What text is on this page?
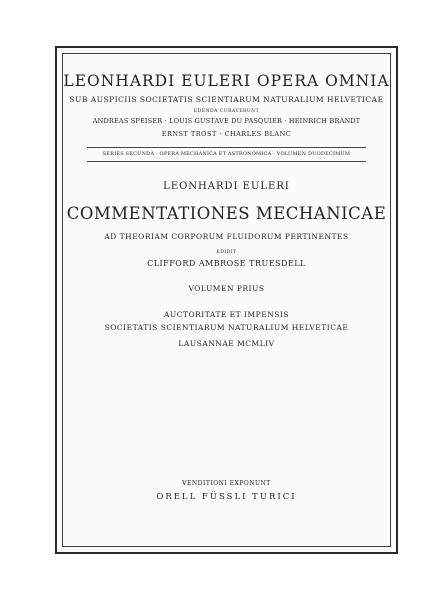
LEONHARDI EULERI OPERA OMNIA
SUB AUSPICIIS SOCIETATIS SCIENTIARUM NATURALIUM HELVETICAE
EDENDA CURAVERUNT
ANDREAS SPEISER · LOUIS GUSTAVE DU PASQUIER · HEINRICH BRANDT
ERNST TROST · CHARLES BLANC
SERIES SECUNDA · OPERA MECHANICA ET ASTRONOMICA · VOLUMEN DUODECIMUM
LEONHARDI EULERI
COMMENTATIONES MECHANICAE
AD THEORIAM CORPORUM FLUIDORUM PERTINENTES
EDIDIT
CLIFFORD AMBROSE TRUESDELL
VOLUMEN PRIUS
AUCTORITATE ET IMPENSIS
SOCIETATIS SCIENTIARUM NATURALIUM HELVETICAE
LAUSANNAE MCMLIV
VENDITIONI EXPONUNT
ORELL FÜSSLI TURICI
